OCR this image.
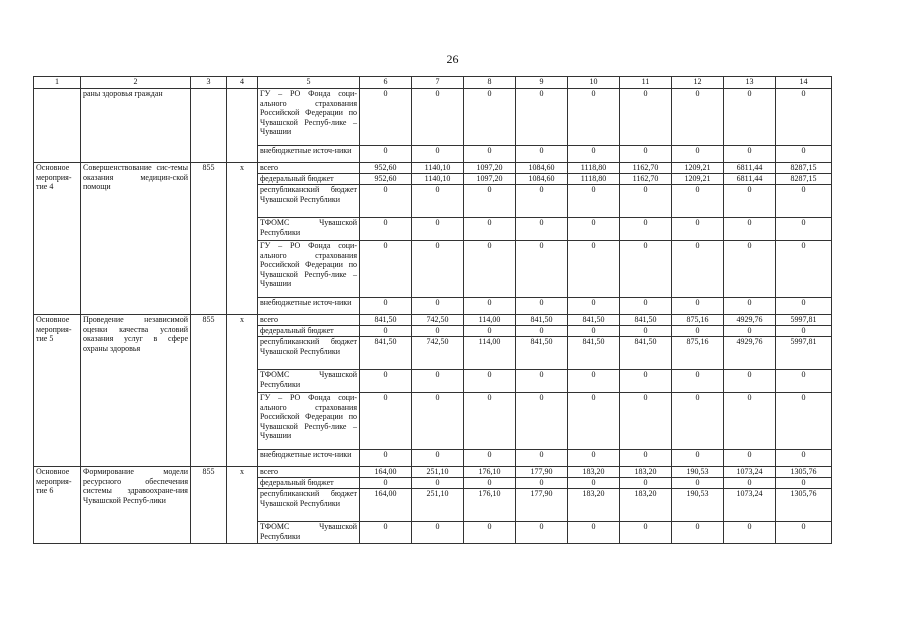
26
1	2	3	4	5	6	7	8	9	10	11	12	13	14
	раны здоровья граждан			ГУ – РО Фонда соци-ального страхования Российской Федерации по Чувашской Респуб-лике – Чувашии	0	0	0	0	0	0	0	0	0
				внебюджетные источ-ники	0	0	0	0	0	0	0	0	0
Основное мероприя-тие 4	Совершенствование сис-темы оказания медицин-ской помощи	855	х	всего	952,60	1140,10	1097,20	1084,60	1118,80	1162,70	1209,21	6811,44	8287,15
				федеральный бюджет	952,60	1140,10	1097,20	1084,60	1118,80	1162,70	1209,21	6811,44	8287,15
				республиканский бюджет Чувашской Республики	0	0	0	0	0	0	0	0	0
				ТФОМС Чувашской Республики	0	0	0	0	0	0	0	0	0
				ГУ – РО Фонда соци-ального страхования Российской Федерации по Чувашской Респуб-лике – Чувашии	0	0	0	0	0	0	0	0	0
				внебюджетные источ-ники	0	0	0	0	0	0	0	0	0
Основное мероприя-тие 5	Проведение независимой оценки качества условий оказания услуг в сфере охраны здоровья	855	х	всего	841,50	742,50	114,00	841,50	841,50	841,50	875,16	4929,76	5997,81
				федеральный бюджет	0	0	0	0	0	0	0	0	0
				республиканский бюджет Чувашской Республики	841,50	742,50	114,00	841,50	841,50	841,50	875,16	4929,76	5997,81
				ТФОМС Чувашской Республики	0	0	0	0	0	0	0	0	0
				ГУ – РО Фонда соци-ального страхования Российской Федерации по Чувашской Респуб-лике – Чувашии	0	0	0	0	0	0	0	0	0
				внебюджетные источ-ники	0	0	0	0	0	0	0	0	0
Основное мероприя-тие 6	Формирование модели ресурсного обеспечения системы здравоохране-ния Чувашской Респуб-лики	855	х	всего	164,00	251,10	176,10	177,90	183,20	183,20	190,53	1073,24	1305,76
				федеральный бюджет	0	0	0	0	0	0	0	0	0
				республиканский бюджет Чувашской Республики	164,00	251,10	176,10	177,90	183,20	183,20	190,53	1073,24	1305,76
				ТФОМС Чувашской Республики	0	0	0	0	0	0	0	0	0
